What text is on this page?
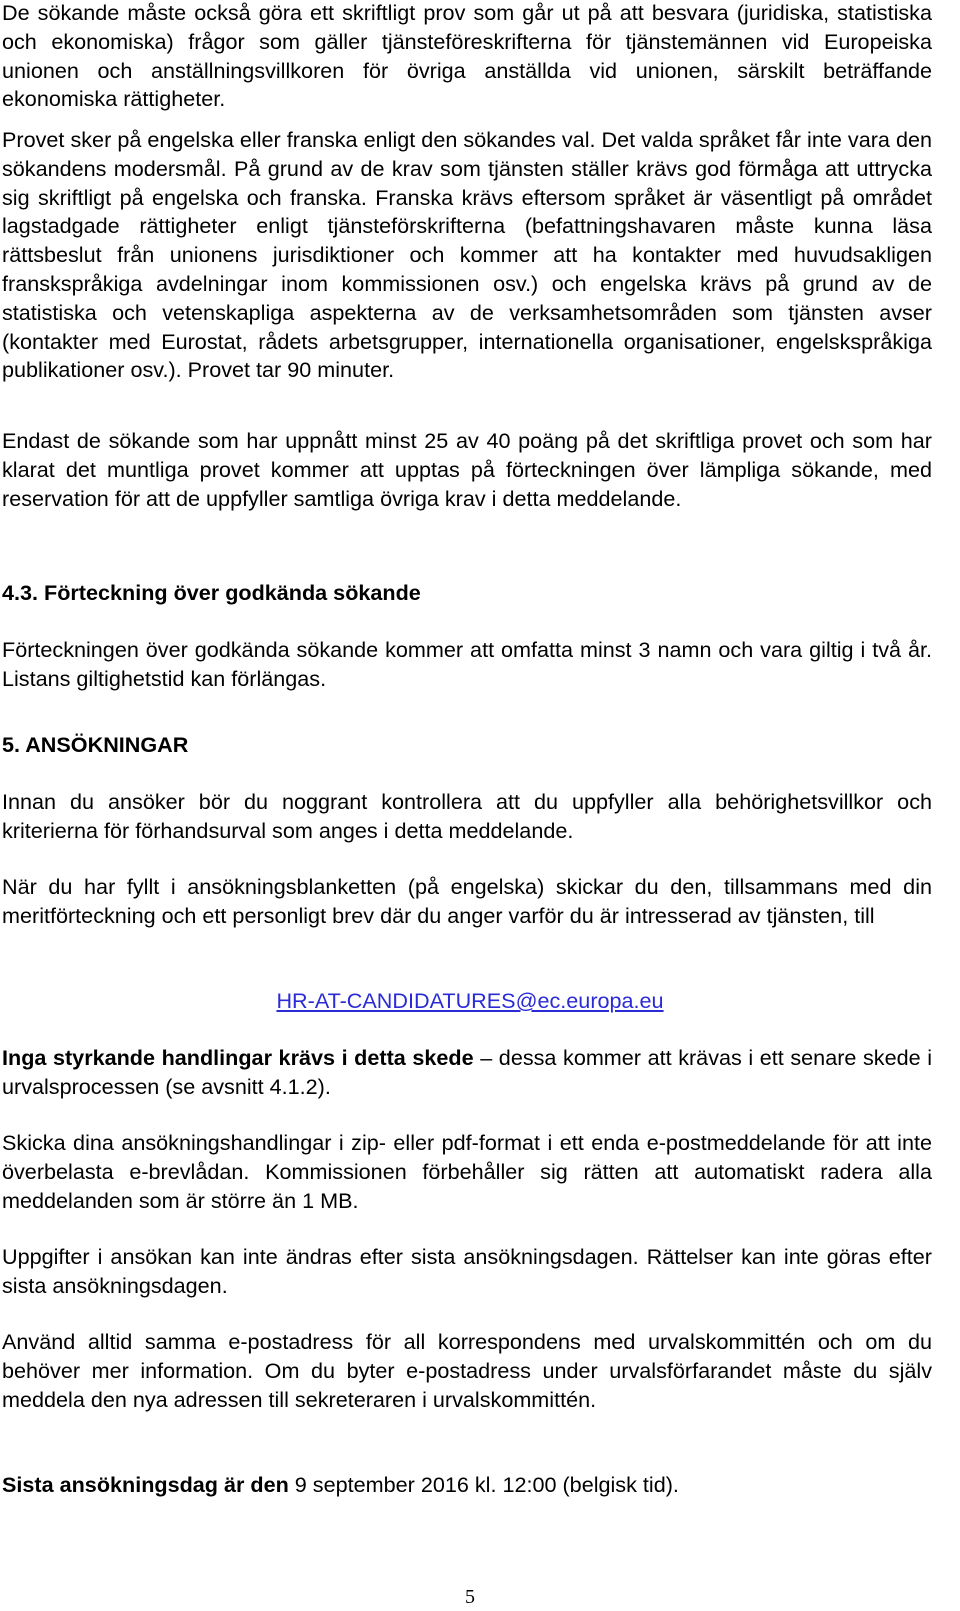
De sökande måste också göra ett skriftligt prov som går ut på att besvara (juridiska, statistiska och ekonomiska) frågor som gäller tjänsteföreskrifterna för tjänstemännen vid Europeiska unionen och anställningsvillkoren för övriga anställda vid unionen, särskilt beträffande ekonomiska rättigheter.

Provet sker på engelska eller franska enligt den sökandes val. Det valda språket får inte vara den sökandens modersmål. På grund av de krav som tjänsten ställer krävs god förmåga att uttrycka sig skriftligt på engelska och franska. Franska krävs eftersom språket är väsentligt på området lagstadgade rättigheter enligt tjänsteförskrifterna (befattningshavaren måste kunna läsa rättsbeslut från unionens jurisdiktioner och kommer att ha kontakter med huvudsakligen franskspråkiga avdelningar inom kommissionen osv.) och engelska krävs på grund av de statistiska och vetenskapliga aspekterna av de verksamhetsområden som tjänsten avser (kontakter med Eurostat, rådets arbetsgrupper, internationella organisationer, engelskspråkiga publikationer osv.). Provet tar 90 minuter.

Endast de sökande som har uppnått minst 25 av 40 poäng på det skriftliga provet och som har klarat det muntliga provet kommer att upptas på förteckningen över lämpliga sökande, med reservation för att de uppfyller samtliga övriga krav i detta meddelande.

4.3. Förteckning över godkända sökande

Förteckningen över godkända sökande kommer att omfatta minst 3 namn och vara giltig i två år. Listans giltighetstid kan förlängas.

5. ANSÖKNINGAR

Innan du ansöker bör du noggrant kontrollera att du uppfyller alla behörighetsvillkor och kriterierna för förhandsurval som anges i detta meddelande.

När du har fyllt i ansökningsblanketten (på engelska) skickar du den, tillsammans med din meritförteckning och ett personligt brev där du anger varför du är intresserad av tjänsten, till

HR-AT-CANDIDATURES@ec.europa.eu

Inga styrkande handlingar krävs i detta skede – dessa kommer att krävas i ett senare skede i urvalsprocessen (se avsnitt 4.1.2).

Skicka dina ansökningshandlingar i zip- eller pdf-format i ett enda e-postmeddelande för att inte överbelasta e-brevlådan. Kommissionen förbehåller sig rätten att automatiskt radera alla meddelanden som är större än 1 MB.

Uppgifter i ansökan kan inte ändras efter sista ansökningsdagen. Rättelser kan inte göras efter sista ansökningsdagen.

Använd alltid samma e-postadress för all korrespondens med urvalskommittén och om du behöver mer information. Om du byter e-postadress under urvalsförfarandet måste du själv meddela den nya adressen till sekreteraren i urvalskommittén.

Sista ansökningsdag är den 9 september 2016 kl. 12:00 (belgisk tid).

5
